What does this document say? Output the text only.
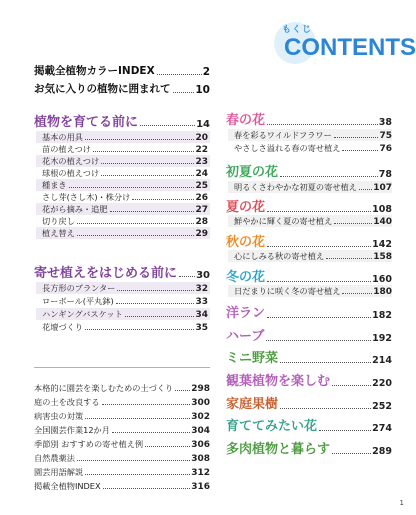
もくじ
CONTENTS
掲載全植物カラーINDEX	2
お気に入りの植物に囲まれて 10
植物を育てる前に	14
基本の用具	20
苗の植えつけ	22
花木の植えつけ	23
球根の植えつけ	24
種まき	25
さし芽(さし木)・株分け	26
花がら摘み・追肥	27
切り戻し	28
植え替え	29
寄せ植えをはじめる前に 30
長方形のプランター	32
ローボール(平丸鉢)	33
ハンギングバスケット	34
花壇づくり	35
本格的に園芸を楽しむための土づくり 298
庭の土を改良する	300
病害虫の対策	302
全国園芸作業12か月	304
季節別 おすすめの寄せ植え例	306
自然農薬法	308
園芸用語解説	312
掲載全植物INDEX	316
春の花	38
春を彩るワイルドフラワー	75
やさしさ溢れる春の寄せ植え	76
初夏の花	78
明るくさわやかな初夏の寄せ植え 107
夏の花	108
鮮やかに輝く夏の寄せ植え	140
秋の花	142
心にしみる秋の寄せ植え	158
冬の花	160
日だまりに咲く冬の寄せ植え	180
洋ラン	182
ハーブ	192
ミニ野菜	214
観葉植物を楽しむ	220
家庭果樹	252
育ててみたい花	274
多肉植物と暮らす	289
1
